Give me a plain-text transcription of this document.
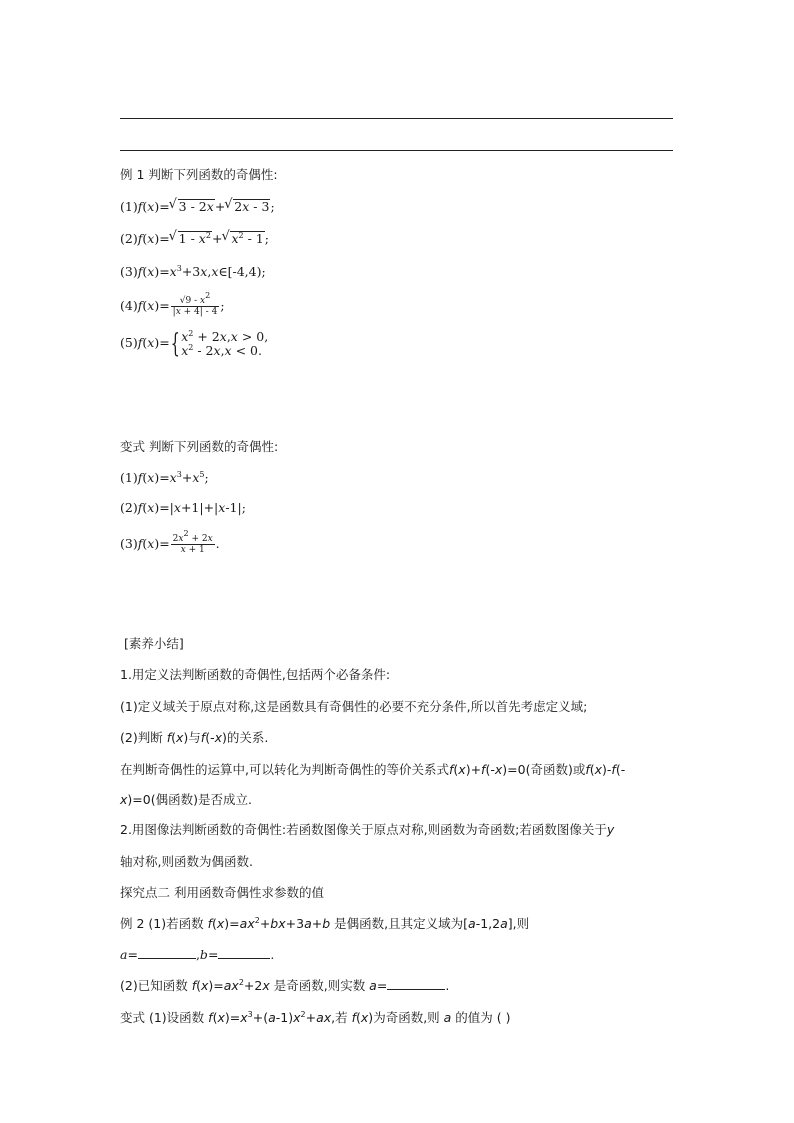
例 1 判断下列函数的奇偶性:
(1)f(x)=√ 3 - 2x+√ 2x - 3;
(2)f(x)=√ $1 - x^2+√$ $x^2 - 1$;
$(3)f(x)=x^3+3x,x\in[-4,4)$;
$(4)f(x)= \frac{√9 - x^2}{|x + 4| - 4}$ ;
(5)f(x)={ $x^2 + 2x,x > 0$,
$x^2 - 2x,x < 0$.
变式 判断下列函数的奇偶性:
$(1)f(x)=x^3+x^5$;
(2)f(x)=|x+1|+|x-1|;
$(3)f(x)= \frac{2x^2 + 2x}{x + 1}$ .
[素养小结]
1.用定义法判断函数的奇偶性,包括两个必备条件:
(1)定义域关于原点对称,这是函数具有奇偶性的必要不充分条件,所以首先考虑定义域;
(2)判断 f(x)与f(-x)的关系.
在判断奇偶性的运算中,可以转化为判断奇偶性的等价关系式f(x)+f(-x)=0(奇函数)或f(x)-f(-
x)=0(偶函数)是否成立.
2.用图像法判断函数的奇偶性:若函数图像关于原点对称,则函数为奇函数;若函数图像关于y
轴对称,则函数为偶函数.
探究点二 利用函数奇偶性求参数的值
例 2 (1)若函数 $f(x)=ax^2+bx+3a+b$ 是偶函数,且其定义域为[a-1,2a],则
a=	,b=	.
(2)已知函数 $f(x)=ax^2+2x$ 是奇函数,则实数 a=	.
变式 (1)设函数 $f(x)=x^3+(a-1)x^2+ax$,若 f(x)为奇函数,则 a 的值为 ( )
